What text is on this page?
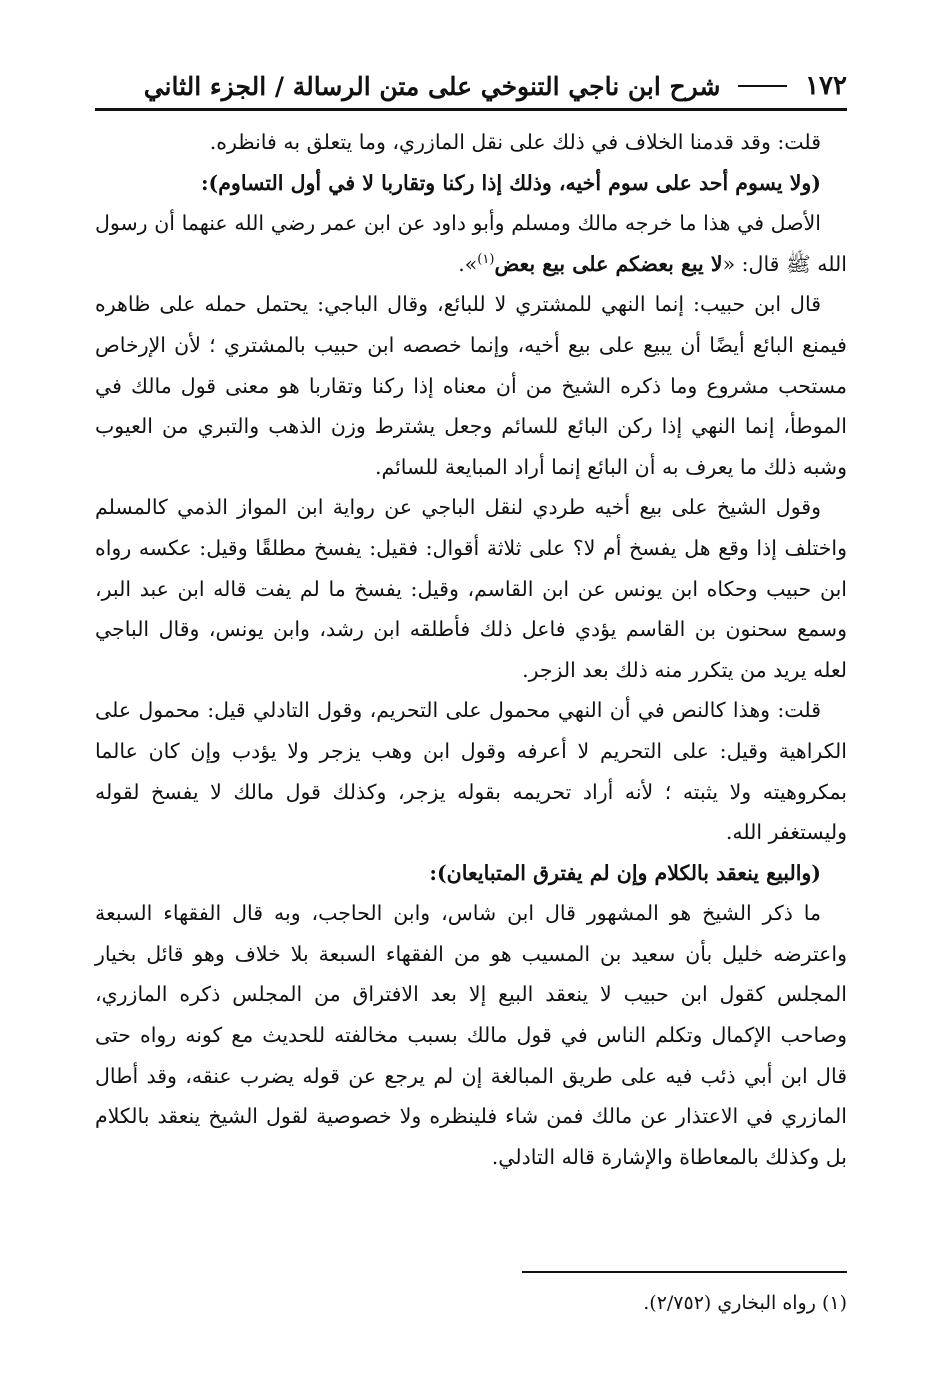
١٧٢
شرح ابن ناجي التنوخي على متن الرسالة / الجزء الثاني

قلت: وقد قدمنا الخلاف في ذلك على نقل المازري، وما يتعلق به فانظره.

(ولا يسوم أحد على سوم أخيه، وذلك إذا ركنا وتقاربا لا في أول التساوم):

الأصل في هذا ما خرجه مالك ومسلم وأبو داود عن ابن عمر رضي الله عنهما أن رسول الله ﷺ قال: «لا يبع بعضكم على بيع بعض$^{(١)}$».

قال ابن حبيب: إنما النهي للمشتري لا للبائع، وقال الباجي: يحتمل حمله على ظاهره فيمنع البائع أيضًا أن يبيع على بيع أخيه، وإنما خصصه ابن حبيب بالمشتري ؛ لأن الإرخاص مستحب مشروع وما ذكره الشيخ من أن معناه إذا ركنا وتقاربا هو معنى قول مالك في الموطأ، إنما النهي إذا ركن البائع للسائم وجعل يشترط وزن الذهب والتبري من العيوب وشبه ذلك ما يعرف به أن البائع إنما أراد المبايعة للسائم.

وقول الشيخ على بيع أخيه طردي لنقل الباجي عن رواية ابن المواز الذمي كالمسلم واختلف إذا وقع هل يفسخ أم لا؟ على ثلاثة أقوال: فقيل: يفسخ مطلقًا وقيل: عكسه رواه ابن حبيب وحكاه ابن يونس عن ابن القاسم، وقيل: يفسخ ما لم يفت قاله ابن عبد البر، وسمع سحنون بن القاسم يؤدي فاعل ذلك فأطلقه ابن رشد، وابن يونس، وقال الباجي لعله يريد من يتكرر منه ذلك بعد الزجر.

قلت: وهذا كالنص في أن النهي محمول على التحريم، وقول التادلي قيل: محمول على الكراهية وقيل: على التحريم لا أعرفه وقول ابن وهب يزجر ولا يؤدب وإن كان عالما بمكروهيته ولا يثبته ؛ لأنه أراد تحريمه بقوله يزجر، وكذلك قول مالك لا يفسخ لقوله وليستغفر الله.

(والبيع ينعقد بالكلام وإن لم يفترق المتبايعان):

ما ذكر الشيخ هو المشهور قال ابن شاس، وابن الحاجب، وبه قال الفقهاء السبعة واعترضه خليل بأن سعيد بن المسيب هو من الفقهاء السبعة بلا خلاف وهو قائل بخيار المجلس كقول ابن حبيب لا ينعقد البيع إلا بعد الافتراق من المجلس ذكره المازري، وصاحب الإكمال وتكلم الناس في قول مالك بسبب مخالفته للحديث مع كونه رواه حتى قال ابن أبي ذئب فيه على طريق المبالغة إن لم يرجع عن قوله يضرب عنقه، وقد أطال المازري في الاعتذار عن مالك فمن شاء فلينظره ولا خصوصية لقول الشيخ ينعقد بالكلام بل وكذلك بالمعاطاة والإشارة قاله التادلي.

(١) رواه البخاري (٢/٧٥٢).
